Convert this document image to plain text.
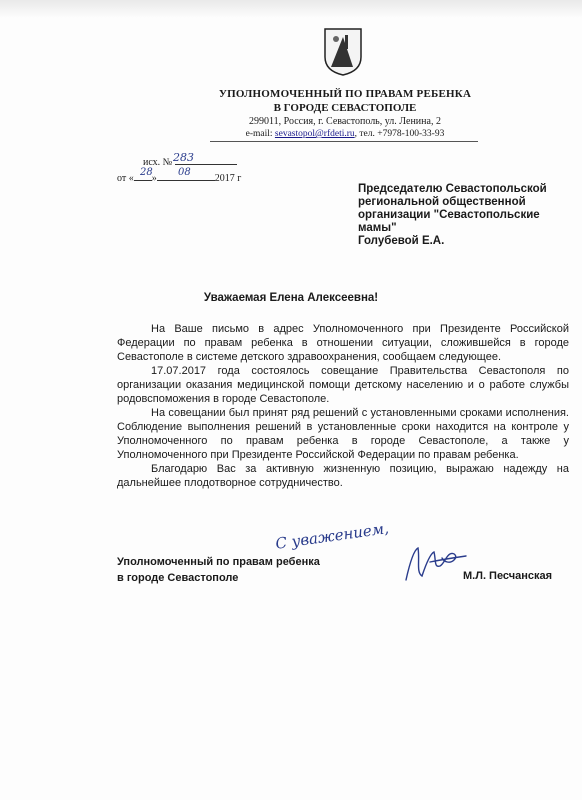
УПОЛНОМОЧЕННЫЙ ПО ПРАВАМ РЕБЕНКА
В ГОРОДЕ СЕВАСТОПОЛЕ
299011, Россия, г. Севастополь, ул. Ленина, 2
e-mail: sevastopol@rfdeti.ru, тел. +7978-100-33-93
исх. № 283
от « »	2017 г
28	08
Председателю Севастопольской
региональной общественной
организации "Севастопольские
мамы"
Голубевой Е.А.
Уважаемая Елена Алексеевна!

На Ваше письмо в адрес Уполномоченного при Президенте Российской Федерации по правам ребенка в отношении ситуации, сложившейся в городе Севастополе в системе детского здравоохранения, сообщаем следующее.

17.07.2017 года состоялось совещание Правительства Севастополя по организации оказания медицинской помощи детскому населению и о работе службы родовспоможения в городе Севастополе.

На совещании был принят ряд решений с установленными сроками исполнения. Соблюдение выполнения решений в установленные сроки находится на контроле у Уполномоченного по правам ребенка в городе Севастополе, а также у Уполномоченного при Президенте Российской Федерации по правам ребенка.

Благодарю Вас за активную жизненную позицию, выражаю надежду на дальнейшее плодотворное сотрудничество.

С уважением,
Уполномоченный по правам ребенка
в городе Севастополе	М.Л. Песчанская
